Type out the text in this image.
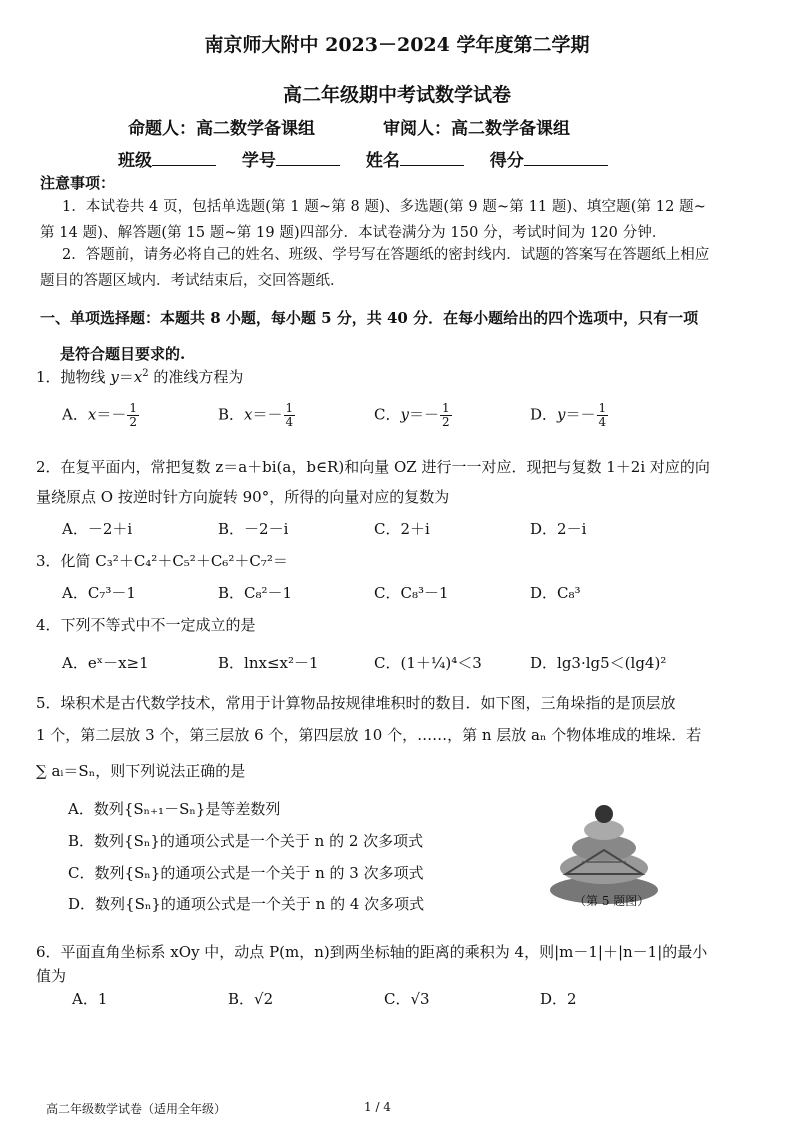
南京师大附中 2023－2024 学年度第二学期
高二年级期中考试数学试卷
命题人：高二数学备课组	审阅人：高二数学备课组
班级	学号	姓名	得分
注意事项：
1．本试卷共 4 页，包括单选题(第 1 题~第 8 题)、多选题(第 9 题~第 11 题)、填空题(第 12 题~第 14 题)、解答题(第 15 题~第 19 题)四部分．本试卷满分为 150 分，考试时间为 120 分钟．
2．答题前，请务必将自己的姓名、班级、学号写在答题纸的密封线内．试题的答案写在答题纸上相应题目的答题区域内．考试结束后，交回答题纸．
一、单项选择题：本题共 8 小题，每小题 5 分，共 40 分．在每小题给出的四个选项中，只有一项
是符合题目要求的.
1．抛物线 $y=x^2$ 的准线方程为
A．$x=- \frac{1}{2}$	B．$x=- \frac{1}{4}$	C．$y=- \frac{1}{2}$	D．$y=- \frac{1}{4}$
2．在复平面内，常把复数 z＝a＋bi(a，b∈R)和向量 OZ 进行一一对应．现把与复数 1＋2i 对应的向
量绕原点 O 按逆时针方向旋转 90°，所得的向量对应的复数为
A．－2＋i	B．－2－i	C．2＋i	D．2－i
3．化简 C₃²＋C₄²＋C₅²＋C₆²＋C₇²＝
A．C₇³－1	B．C₈²－1	C．C₈³－1	D．C₈³
4．下列不等式中不一定成立的是
A．eˣ－x≥1	B．lnx≤x²－1	C．(1＋¼)⁴＜3	D．lg3·lg5＜(lg4)²
5．垛积术是古代数学技术，常用于计算物品按规律堆积时的数目．如下图，三角垛指的是顶层放
1 个，第二层放 3 个，第三层放 6 个，第四层放 10 个，……，第 n 层放 aₙ 个物体堆成的堆垛．若
∑ aᵢ＝Sₙ，则下列说法正确的是
A．数列{Sₙ₊₁－Sₙ}是等差数列
B．数列{Sₙ}的通项公式是一个关于 n 的 2 次多项式
C．数列{Sₙ}的通项公式是一个关于 n 的 3 次多项式
D．数列{Sₙ}的通项公式是一个关于 n 的 4 次多项式	（第 5 题图）
6．平面直角坐标系 xOy 中，动点 P(m，n)到两坐标轴的距离的乘积为 4，则|m－1|＋|n－1|的最小值为
A．1	B．√2	C．√3	D．2
高二年级数学试卷（适用全年级）	1 / 4
